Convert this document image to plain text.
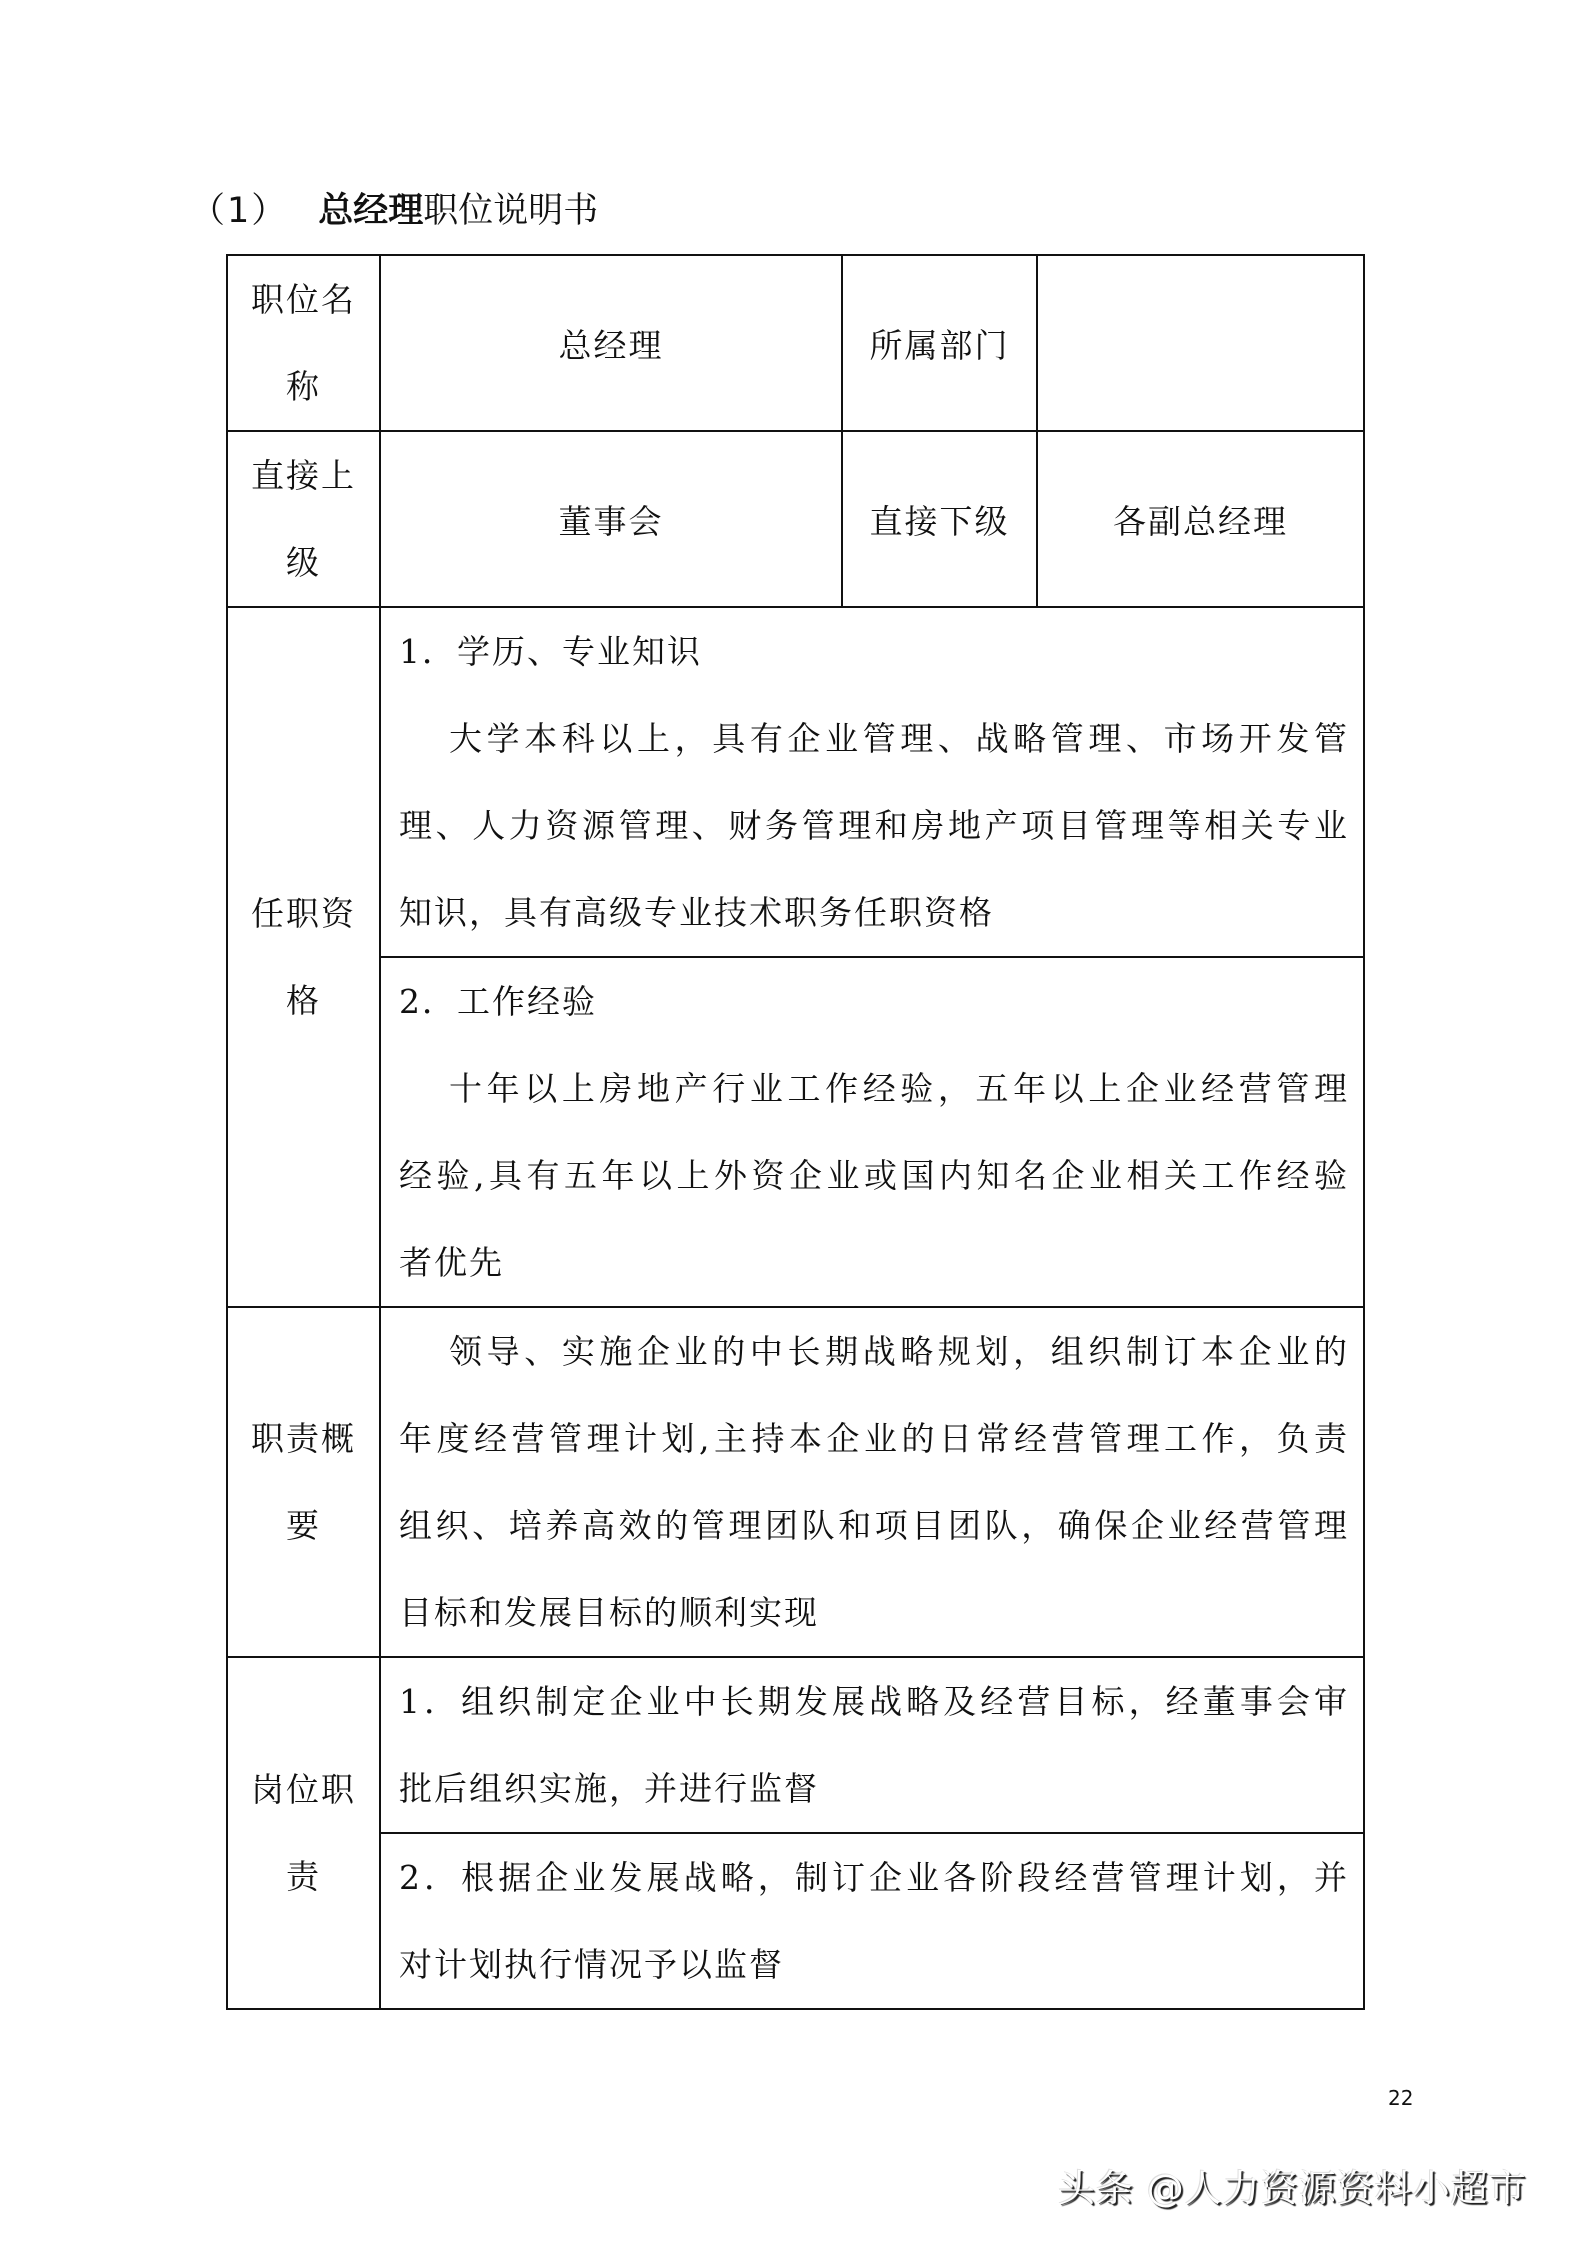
（1） 总经理职位说明书
职位名
称	总经理	所属部门	

直接上
级	董事会	直接下级	各副总经理

任职资
格	1．学历、专业知识
大学本科以上，具有企业管理、战略管理、市场开发管
理、人力资源管理、财务管理和房地产项目管理等相关专业
知识，具有高级专业技术职务任职资格		

	2．工作经验
十年以上房地产行业工作经验，五年以上企业经营管理
经验,具有五年以上外资企业或国内知名企业相关工作经验
者优先		

职责概
要	领导、实施企业的中长期战略规划，组织制订本企业的
年度经营管理计划,主持本企业的日常经营管理工作，负责
组织、培养高效的管理团队和项目团队，确保企业经营管理
目标和发展目标的顺利实现		

岗位职
责	1．组织制定企业中长期发展战略及经营目标，经董事会审
批后组织实施，并进行监督		

	2．根据企业发展战略，制订企业各阶段经营管理计划，并
对计划执行情况予以监督		
22
头条 @人力资源资料小超市
